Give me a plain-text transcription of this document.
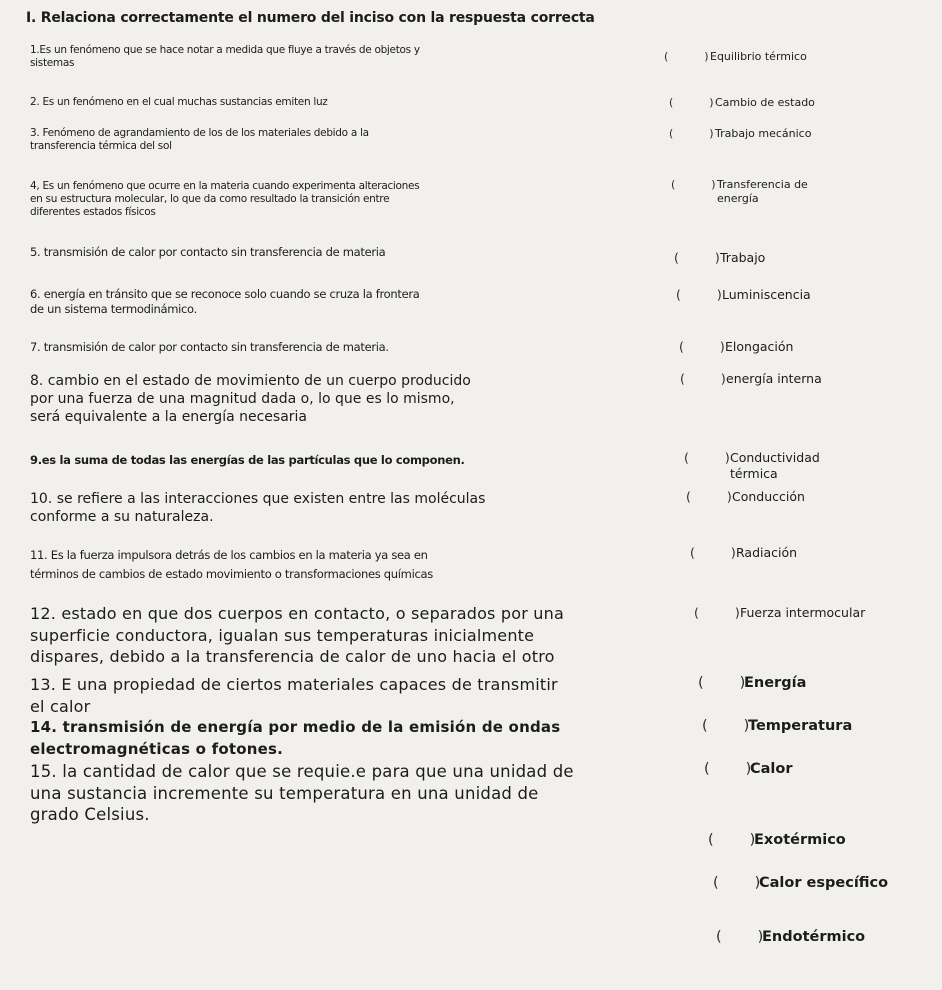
I. Relaciona correctamente el numero del inciso con la respuesta correcta
1.Es un fenómeno que se hace notar a medida que fluye a través de objetos y
sistemas
2. Es un fenómeno en el cual muchas sustancias emiten luz
3. Fenómeno de agrandamiento de los de los materiales debido a la
transferencia térmica del sol
4, Es un fenómeno que ocurre en la materia cuando experimenta alteraciones
en su estructura molecular, lo que da como resultado la transición entre
diferentes estados físicos
5. transmisión de calor por contacto sin transferencia de materia
6. energía en tránsito que se reconoce solo cuando se cruza la frontera
de un sistema termodinámico.
7. transmisión de calor por contacto sin transferencia de materia.
8. cambio en el estado de movimiento de un cuerpo producido
por una fuerza de una magnitud dada o, lo que es lo mismo,
será equivalente a la energía necesaria
9.es la suma de todas las energías de las partículas que lo componen.
10. se refiere a las interacciones que existen entre las moléculas
conforme a su naturaleza.
11. Es la fuerza impulsora detrás de los cambios en la materia ya sea en
términos de cambios de estado movimiento o transformaciones químicas
12. estado en que dos cuerpos en contacto, o separados por una
superficie conductora, igualan sus temperaturas inicialmente
dispares, debido a la transferencia de calor de uno hacia el otro
13. E una propiedad de ciertos materiales capaces de transmitir
el calor
14. transmisión de energía por medio de la emisión de ondas
electromagnéticas o fotones.
15. la cantidad de calor que se requie.e para que una unidad de
una sustancia incremente su temperatura en una unidad de
grado Celsius.
( )Equilibrio térmico
( )Cambio de estado
( )Trabajo mecánico
( )Transferencia de
energía
( )Trabajo
( )Luminiscencia
( )Elongación
( )energía interna
( )Conductividad
térmica
( )Conducción
( )Radiación
( )Fuerza intermocular
( )Energía
( )Temperatura
( )Calor
( )Exotérmico
( )Calor específico
( )Endotérmico
